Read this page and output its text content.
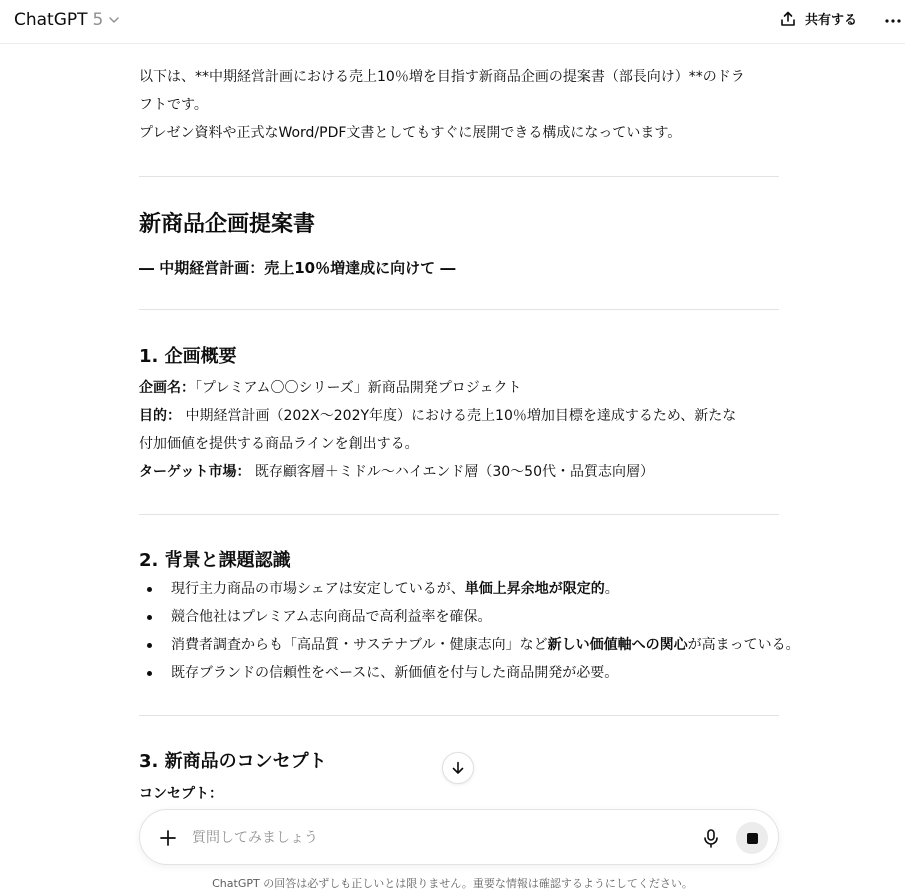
ChatGPT 5	共有する
以下は、**中期経営計画における売上10％増を目指す新商品企画の提案書（部長向け）**のドラ
フトです。
プレゼン資料や正式なWord/PDF文書としてもすぐに展開できる構成になっています。
新商品企画提案書
― 中期経営計画：売上10％増達成に向けて ―
1. 企画概要
企画名：「プレミアム〇〇シリーズ」新商品開発プロジェクト
目的： 中期経営計画（202X〜202Y年度）における売上10％増加目標を達成するため、新たな
付加価値を提供する商品ラインを創出する。
ターゲット市場： 既存顧客層＋ミドル〜ハイエンド層（30〜50代・品質志向層）
2. 背景と課題認識
現行主力商品の市場シェアは安定しているが、単価上昇余地が限定的。
競合他社はプレミアム志向商品で高利益率を確保。
消費者調査からも「高品質・サステナブル・健康志向」など新しい価値軸への関心が高まっている。
既存ブランドの信頼性をベースに、新価値を付与した商品開発が必要。
3. 新商品のコンセプト
コンセプト：
質問してみましょう
ChatGPT の回答は必ずしも正しいとは限りません。重要な情報は確認するようにしてください。
